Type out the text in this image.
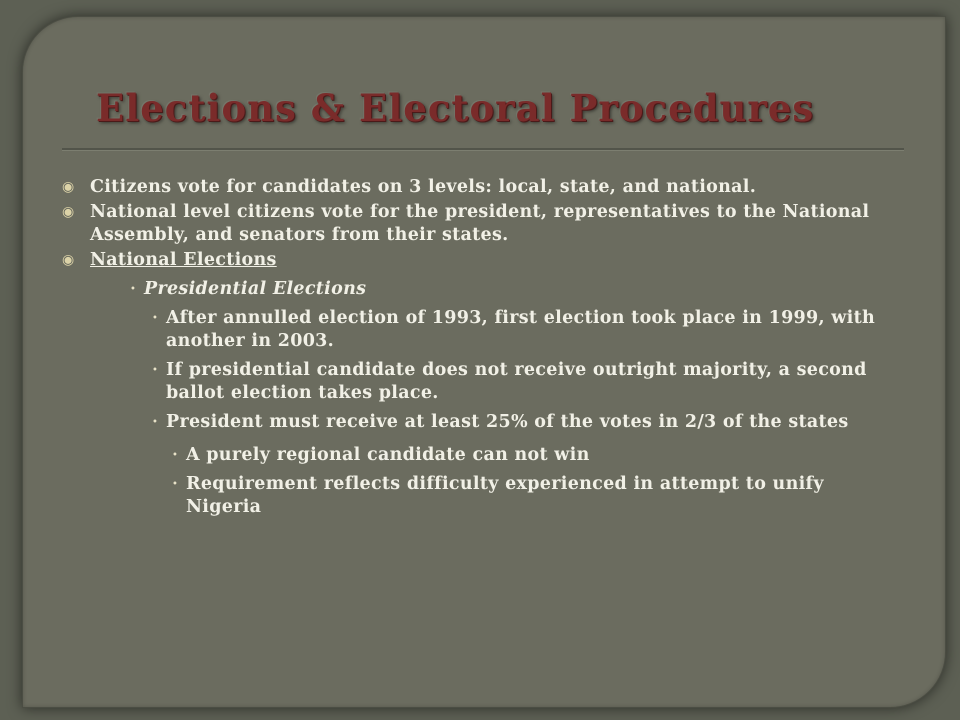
Elections & Electoral Procedures
◉ Citizens vote for candidates on 3 levels: local, state, and national.
◉ National level citizens vote for the president, representatives to the National Assembly, and senators from their states.
◉ National Elections
• Presidential Elections
• After annulled election of 1993, first election took place in 1999, with another in 2003.
• If presidential candidate does not receive outright majority, a second ballot election takes place.
• President must receive at least 25% of the votes in 2/3 of the states
• A purely regional candidate can not win
• Requirement reflects difficulty experienced in attempt to unify Nigeria
